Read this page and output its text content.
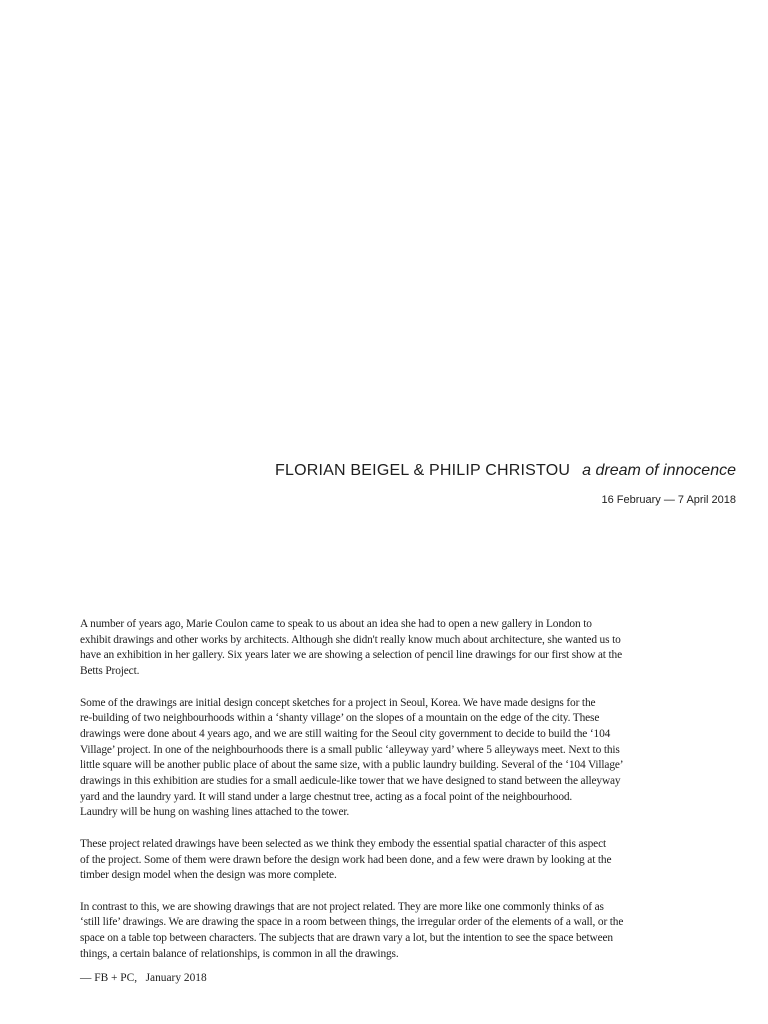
FLORIAN BEIGEL & PHILIP CHRISTOU a dream of innocence
16 February — 7 April 2018

A number of years ago, Marie Coulon came to speak to us about an idea she had to open a new gallery in London to
exhibit drawings and other works by architects. Although she didn't really know much about architecture, she wanted us to
have an exhibition in her gallery. Six years later we are showing a selection of pencil line drawings for our first show at the
Betts Project.

Some of the drawings are initial design concept sketches for a project in Seoul, Korea. We have made designs for the
re-building of two neighbourhoods within a ‘shanty village’ on the slopes of a mountain on the edge of the city. These
drawings were done about 4 years ago, and we are still waiting for the Seoul city government to decide to build the ‘104
Village’ project. In one of the neighbourhoods there is a small public ‘alleyway yard’ where 5 alleyways meet. Next to this
little square will be another public place of about the same size, with a public laundry building. Several of the ‘104 Village’
drawings in this exhibition are studies for a small aedicule-like tower that we have designed to stand between the alleyway
yard and the laundry yard. It will stand under a large chestnut tree, acting as a focal point of the neighbourhood.
Laundry will be hung on washing lines attached to the tower.

These project related drawings have been selected as we think they embody the essential spatial character of this aspect
of the project. Some of them were drawn before the design work had been done, and a few were drawn by looking at the
timber design model when the design was more complete.

In contrast to this, we are showing drawings that are not project related. They are more like one commonly thinks of as
‘still life’ drawings. We are drawing the space in a room between things, the irregular order of the elements of a wall, or the
space on a table top between characters. The subjects that are drawn vary a lot, but the intention to see the space between
things, a certain balance of relationships, is common in all the drawings.

— FB + PC,   January 2018
